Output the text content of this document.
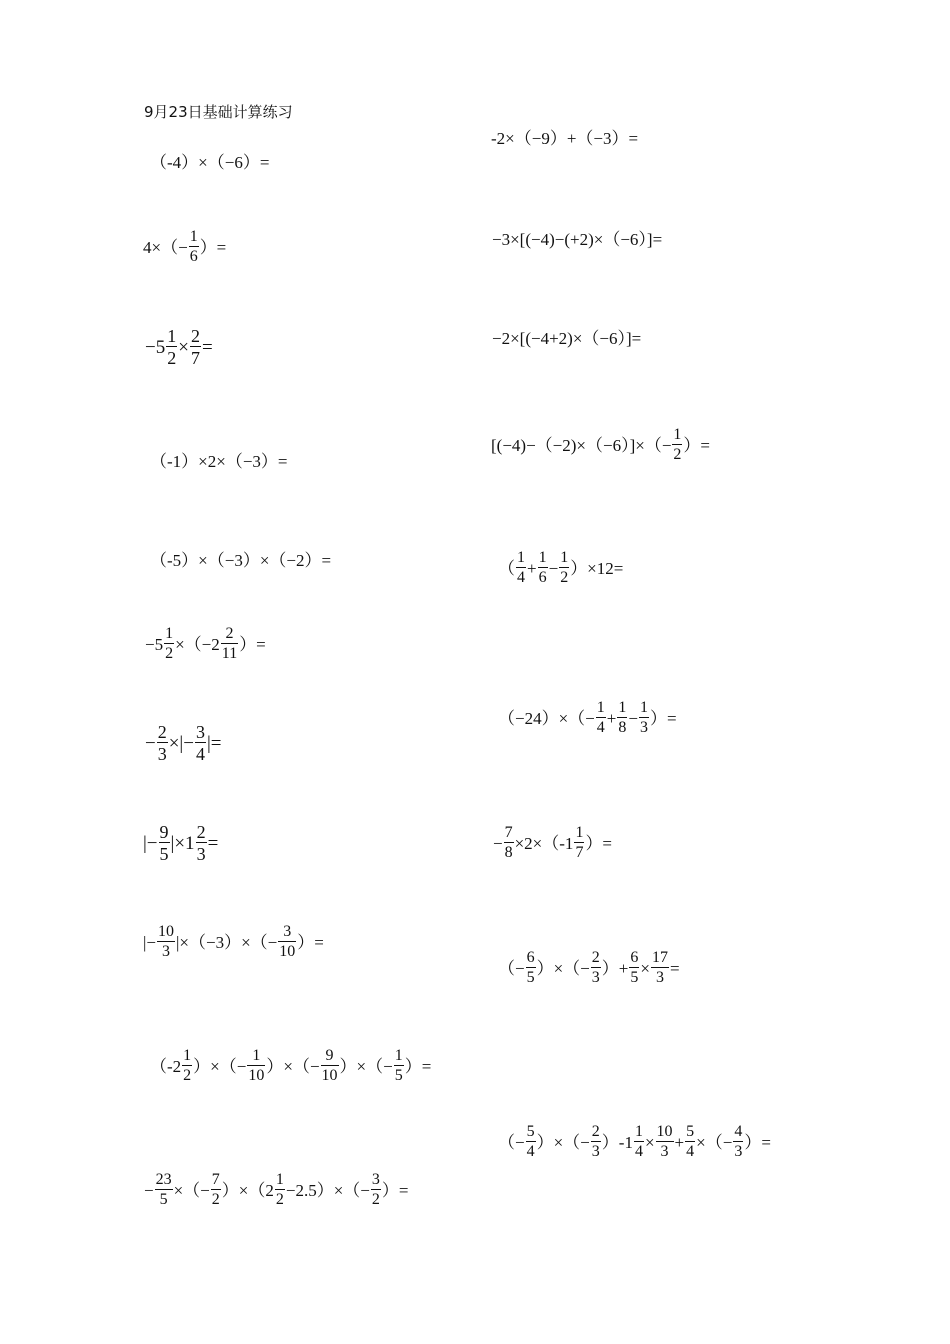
9月23日基础计算练习
（-4）×（−6）=
$4\times(- \frac{1}{6}$ ）=
$-5 \frac{1}{2} \times \frac{2}{7}$ =
（-1）×2×（−3）=
（-5）×（−3）×（−2）=
$-5 \frac{1}{2} \times(-2 \frac{2}{11}$ ）=
− $\frac{2}{3}$ ×|− $\frac{3}{4}$ |=
|− $\frac{9}{5} |\times 1 \frac{2}{3}$ =
|− $\frac{10}{3} |\times(-3)\times(- \frac{3}{10}$ ）=
（$-2 \frac{1}{2}$ ）×（− $\frac{1}{10}$ ）×（− $\frac{9}{10}$ ）×（− $\frac{1}{5}$ ）=
− $\frac{23}{5}$ ×（− $\frac{7}{2} )\times(2 \frac{1}{2} -2.5)\times(- \frac{3}{2}$ ）=
-2×（−9）+（−3）=
−3×[(−4)−(+2)×（−6）]=
−2×[(−4+2)×（−6）]=
$[(-4)-(-2)\times(-6)]\times(- \frac{1}{2}$ ）=
（ $\frac{1}{4} + \frac{1}{6} - \frac{1}{2} )\times 12=$
$(-24)\times(- \frac{1}{4} + \frac{1}{8} - \frac{1}{3}$ ）=
− $\frac{7}{8} \times 2\times(-1 \frac{1}{7}$ ）=
（− $\frac{6}{5}$ ）×（− $\frac{2}{3}$ ）+ $\frac{6}{5} \times \frac{17}{3}$ =
（− $\frac{5}{4}$ ）×（− $\frac{2}{3} )-1 \frac{1}{4} \times \frac{10}{3} + \frac{5}{4}$ ×（− $\frac{4}{3}$ ）=
